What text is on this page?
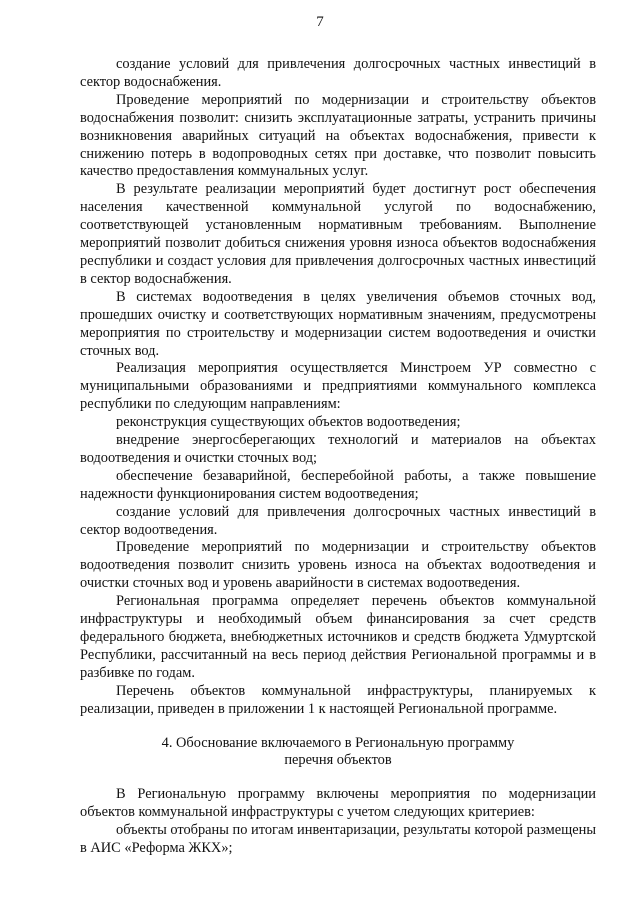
7

создание условий для привлечения долгосрочных частных инвестиций в сектор водоснабжения.

Проведение мероприятий по модернизации и строительству объектов водоснабжения позволит: снизить эксплуатационные затраты, устранить причины возникновения аварийных ситуаций на объектах водоснабжения, привести к снижению потерь в водопроводных сетях при доставке, что позволит повысить качество предоставления коммунальных услуг.

В результате реализации мероприятий будет достигнут рост обеспечения населения качественной коммунальной услугой по водоснабжению, соответствующей установленным нормативным требованиям. Выполнение мероприятий позволит добиться снижения уровня износа объектов водоснабжения республики и создаст условия для привлечения долгосрочных частных инвестиций в сектор водоснабжения.

В системах водоотведения в целях увеличения объемов сточных вод, прошедших очистку и соответствующих нормативным значениям, предусмотрены мероприятия по строительству и модернизации систем водоотведения и очистки сточных вод.

Реализация мероприятия осуществляется Минстроем УР совместно с муниципальными образованиями и предприятиями коммунального комплекса республики по следующим направлениям:

реконструкция существующих объектов водоотведения;

внедрение энергосберегающих технологий и материалов на объектах водоотведения и очистки сточных вод;

обеспечение безаварийной, бесперебойной работы, а также повышение надежности функционирования систем водоотведения;

создание условий для привлечения долгосрочных частных инвестиций в сектор водоотведения.

Проведение мероприятий по модернизации и строительству объектов водоотведения позволит снизить уровень износа на объектах водоотведения и очистки сточных вод и уровень аварийности в системах водоотведения.

Региональная программа определяет перечень объектов коммунальной инфраструктуры и необходимый объем финансирования за счет средств федерального бюджета, внебюджетных источников и средств бюджета Удмуртской Республики, рассчитанный на весь период действия Региональной программы и в разбивке по годам.

Перечень объектов коммунальной инфраструктуры, планируемых к реализации, приведен в приложении 1 к настоящей Региональной программе.

4. Обоснование включаемого в Региональную программу
перечня объектов

В Региональную программу включены мероприятия по модернизации объектов коммунальной инфраструктуры с учетом следующих критериев:

объекты отобраны по итогам инвентаризации, результаты которой размещены в АИС «Реформа ЖКХ»;
